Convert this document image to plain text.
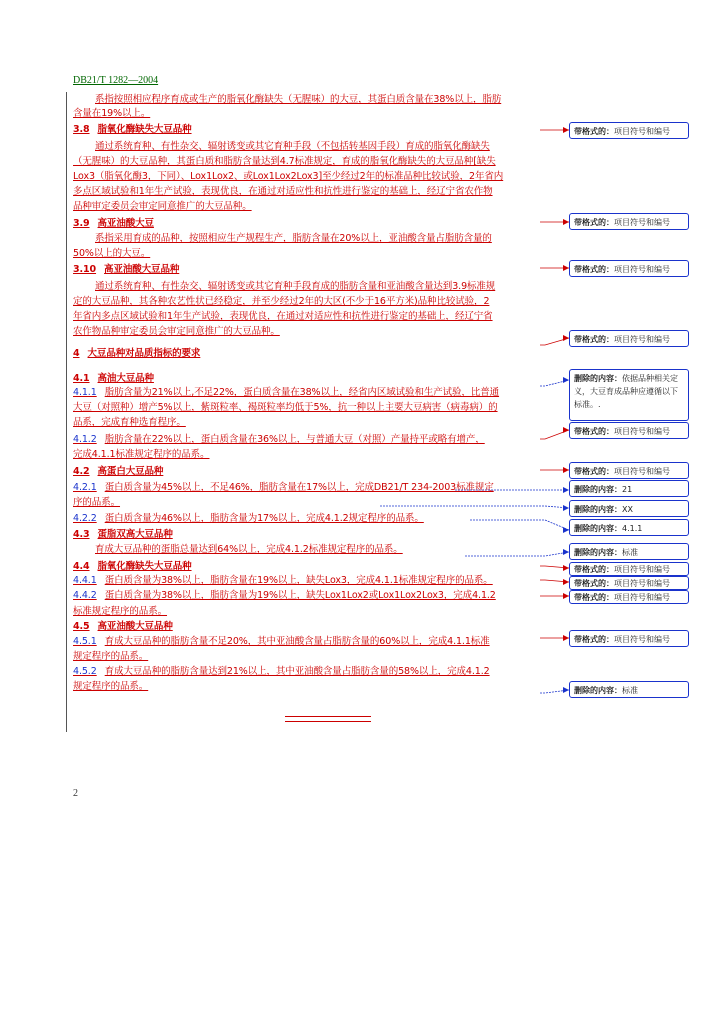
DB21/T 1282—2004
系指按照相应程序育成或生产的脂氧化酶缺失（无腥味）的大豆，其蛋白质含量在38%以上，脂肪
含量在19%以上。
3.8 脂氧化酶缺失大豆品种
通过系统育种、有性杂交、辐射诱变或其它育种手段（不包括转基因手段）育成的脂氧化酶缺失
（无腥味）的大豆品种，其蛋白质和脂肪含量达到4.7标准规定，育成的脂氧化酶缺失的大豆品种[缺失
Lox3（脂氧化酶3，下同）、Lox1Lox2、或Lox1Lox2Lox3]至少经过2年的标准品种比较试验，2年省内
多点区域试验和1年生产试验，表现优良，在通过对适应性和抗性进行鉴定的基础上，经辽宁省农作物
品种审定委员会审定同意推广的大豆品种。
3.9 高亚油酸大豆
系指采用育成的品种，按照相应生产规程生产，脂肪含量在20%以上，亚油酸含量占脂肪含量的
50%以上的大豆。
3.10 高亚油酸大豆品种
通过系统育种、有性杂交、辐射诱变或其它育种手段育成的脂肪含量和亚油酸含量达到3.9标准规
定的大豆品种，其各种农艺性状已经稳定，并至少经过2年的大区(不少于16平方米)品种比较试验，2
年省内多点区域试验和1年生产试验，表现优良，在通过对适应性和抗性进行鉴定的基础上，经辽宁省
农作物品种审定委员会审定同意推广的大豆品种。
4 大豆品种对品质指标的要求
4.1 高油大豆品种
4.1.1 脂肪含量为21%以上,不足22%，蛋白质含量在38%以上，经省内区域试验和生产试验，比普通
大豆（对照种）增产5%以上，紫斑粒率、褐斑粒率均低于5%，抗一种以上主要大豆病害（病毒病）的
品系，完成育种选育程序。
4.1.2 脂肪含量在22%以上，蛋白质含量在36%以上，与普通大豆（对照）产量持平或略有增产，
完成4.1.1标准规定程序的品系。
4.2 高蛋白大豆品种
4.2.1 蛋白质含量为45%以上，不足46%，脂肪含量在17%以上，完成DB21/T 234-2003标准规定
序的品系。
4.2.2 蛋白质含量为46%以上，脂肪含量为17%以上，完成4.1.2规定程序的品系。
4.3 蛋脂双高大豆品种
育成大豆品种的蛋脂总量达到64%以上，完成4.1.2标准规定程序的品系。
4.4 脂氧化酶缺失大豆品种
4.4.1 蛋白质含量为38%以上，脂肪含量在19%以上，缺失Lox3，完成4.1.1标准规定程序的品系。
4.4.2 蛋白质含量为38%以上，脂肪含量为19%以上，缺失Lox1Lox2或Lox1Lox2Lox3，完成4.1.2
标准规定程序的品系。
4.5 高亚油酸大豆品种
4.5.1 育成大豆品种的脂肪含量不足20%，其中亚油酸含量占脂肪含量的60%以上，完成4.1.1标准
规定程序的品系。
4.5.2 育成大豆品种的脂肪含量达到21%以上，其中亚油酸含量占脂肪含量的58%以上，完成4.1.2
规定程序的品系。
带格式的：项目符号和编号
带格式的：项目符号和编号
带格式的：项目符号和编号
带格式的：项目符号和编号
删除的内容：依据品种相关定义，大豆育成品种应遵循以下标准。.
带格式的：项目符号和编号
带格式的：项目符号和编号
删除的内容：21
删除的内容：XX
删除的内容：4.1.1
删除的内容：标准
带格式的：项目符号和编号
带格式的：项目符号和编号
带格式的：项目符号和编号
带格式的：项目符号和编号
删除的内容：标准
2
